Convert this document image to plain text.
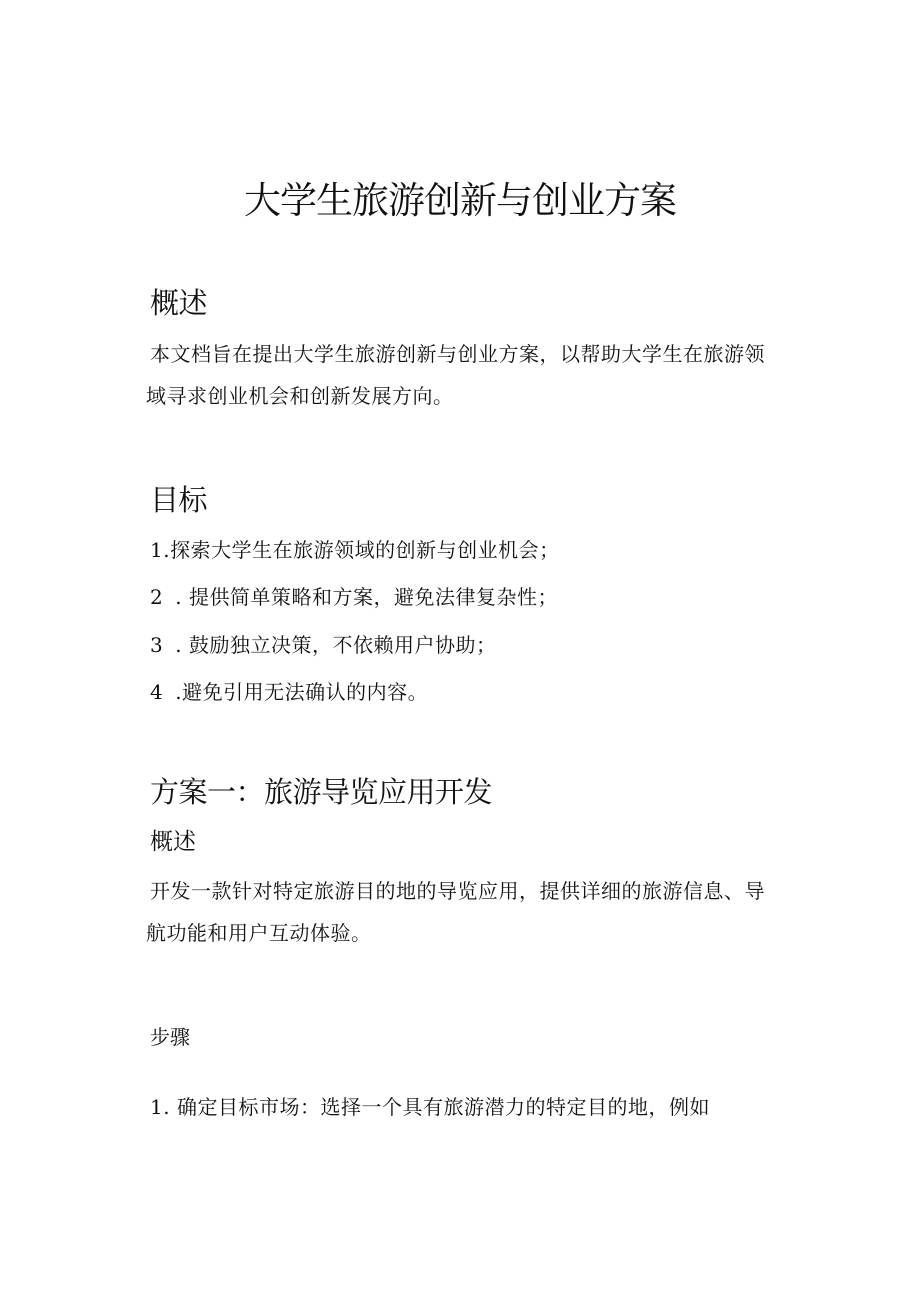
大学生旅游创新与创业方案
概述
本文档旨在提出大学生旅游创新与创业方案，以帮助大学生在旅游领
域寻求创业机会和创新发展方向。
目标
1.探索大学生在旅游领域的创新与创业机会；
2 . 提供简单策略和方案，避免法律复杂性；
3 . 鼓励独立决策，不依赖用户协助；
4 .避免引用无法确认的内容。
方案一：旅游导览应用开发
概述
开发一款针对特定旅游目的地的导览应用，提供详细的旅游信息、导
航功能和用户互动体验。
步骤
1. 确定目标市场：选择一个具有旅游潜力的特定目的地，例如
